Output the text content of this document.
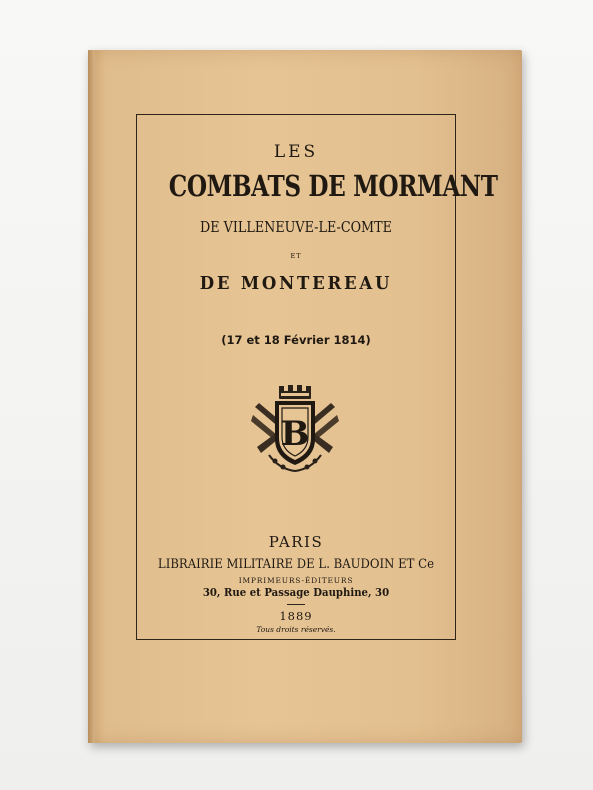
LES
COMBATS DE MORMANT
DE VILLENEUVE-LE-COMTE
ET
DE MONTEREAU
(17 et 18 Février 1814)
B
PARIS
LIBRAIRIE MILITAIRE DE L. BAUDOIN ET Ce
IMPRIMEURS-ÉDITEURS
30, Rue et Passage Dauphine, 30
1889
Tous droits réservés.
